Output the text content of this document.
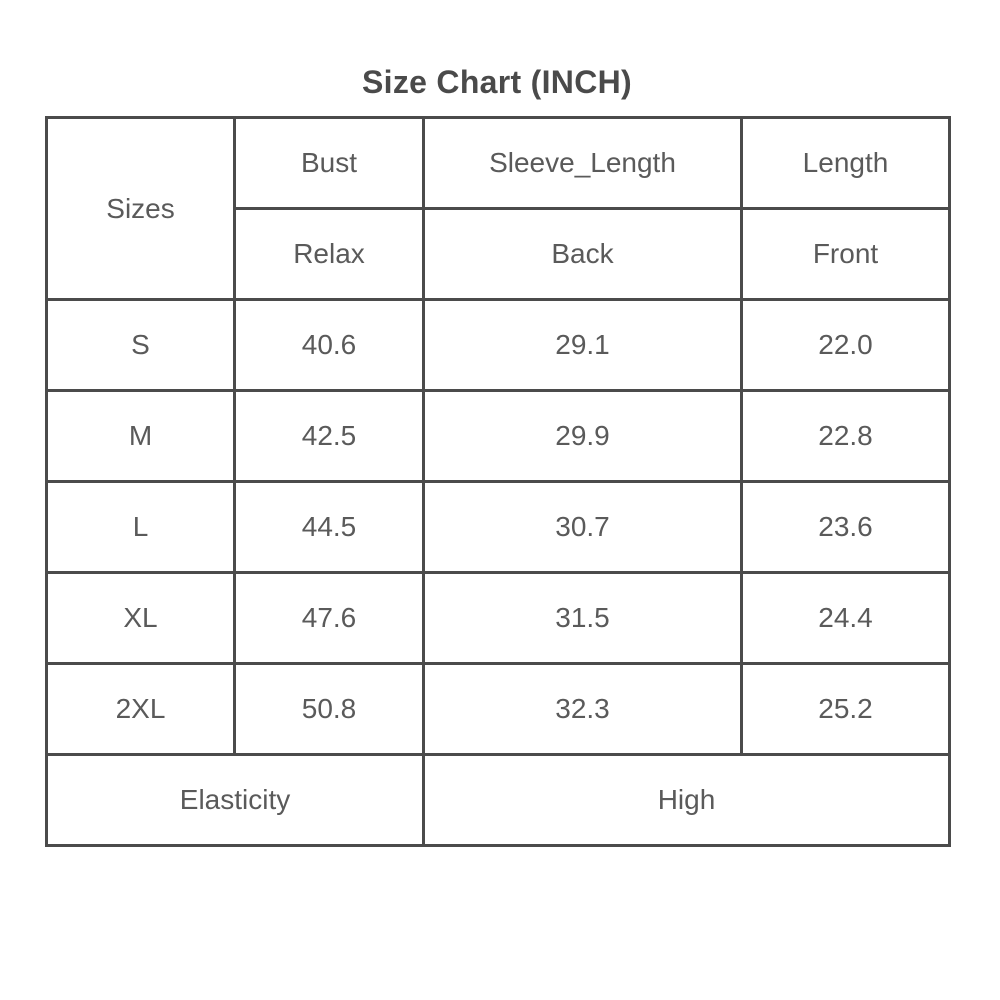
Size Chart (INCH)
Sizes	Bust	Sleeve_Length	Length
	Relax	Back	Front
S	40.6	29.1	22.0
M	42.5	29.9	22.8
L	44.5	30.7	23.6
XL	47.6	31.5	24.4
2XL	50.8	32.3	25.2
Elasticity		High	
